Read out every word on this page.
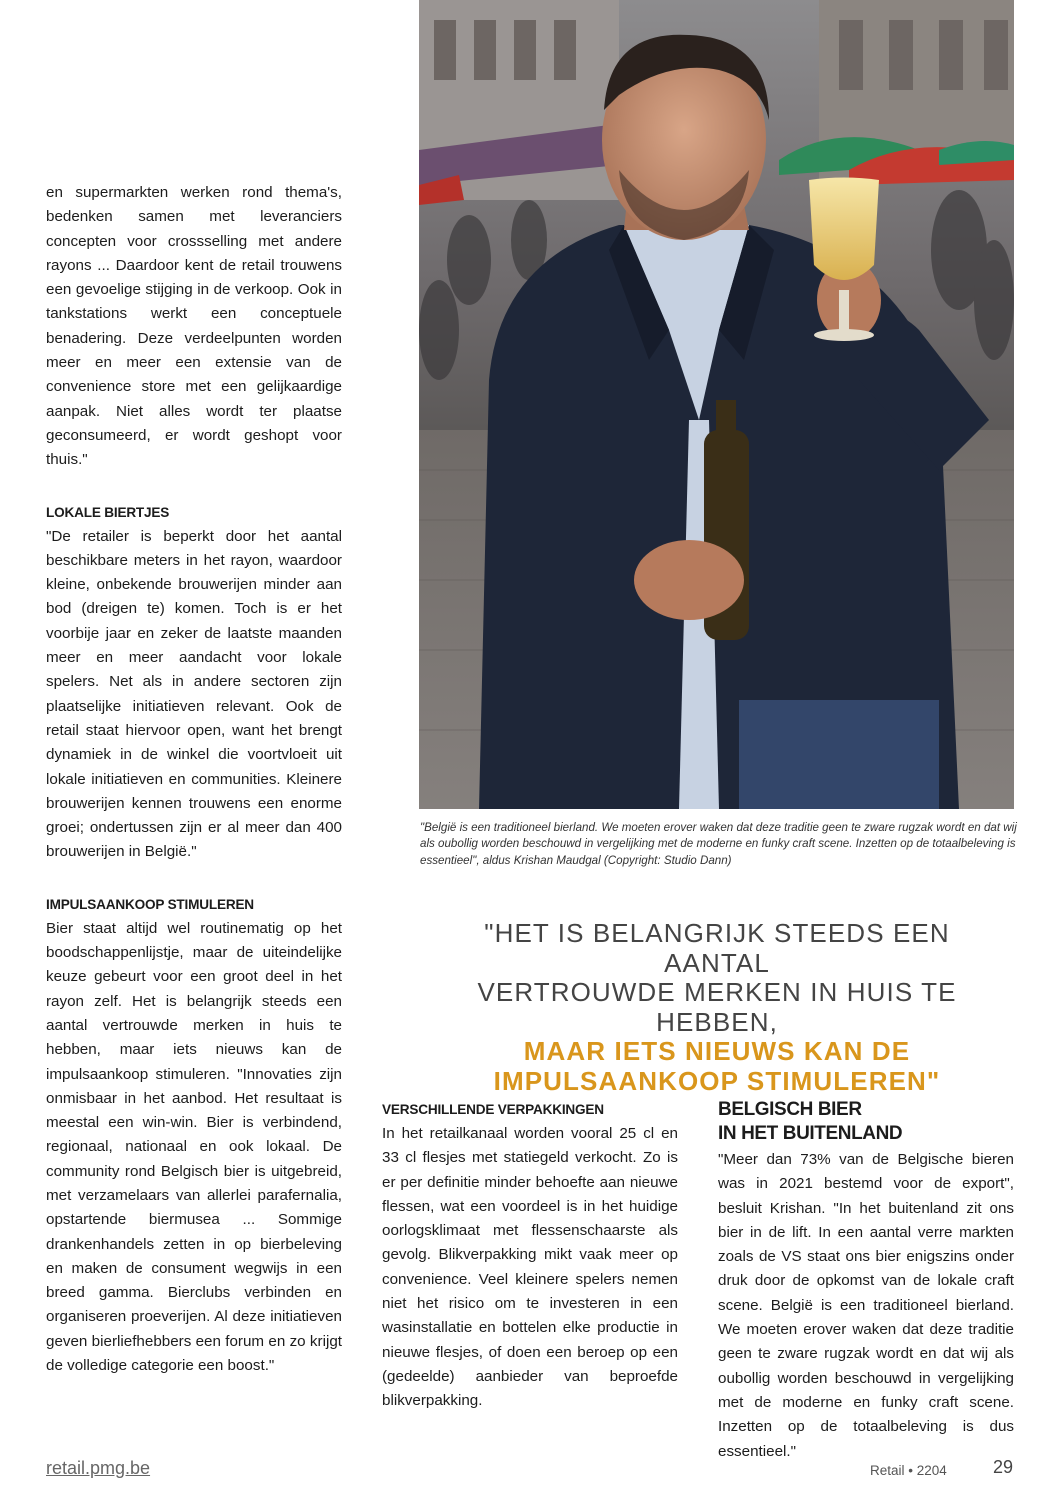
en supermarkten werken rond thema's, bedenken samen met leveranciers concepten voor crossselling met andere rayons ... Daardoor kent de retail trouwens een gevoelige stijging in de verkoop. Ook in tankstations werkt een conceptuele benadering. Deze verdeelpunten worden meer en meer een extensie van de convenience store met een gelijkaardige aanpak. Niet alles wordt ter plaatse geconsumeerd, er wordt geshopt voor thuis."

LOKALE BIERTJES

"De retailer is beperkt door het aantal beschikbare meters in het rayon, waardoor kleine, onbekende brouwerijen minder aan bod (dreigen te) komen. Toch is er het voorbije jaar en zeker de laatste maanden meer en meer aandacht voor lokale spelers. Net als in andere sectoren zijn plaatselijke initiatieven relevant. Ook de retail staat hiervoor open, want het brengt dynamiek in de winkel die voortvloeit uit lokale initiatieven en communities. Kleinere brouwerijen kennen trouwens een enorme groei; ondertussen zijn er al meer dan 400 brouwerijen in België."

IMPULSAANKOOP STIMULEREN

Bier staat altijd wel routinematig op het boodschappenlijstje, maar de uiteindelijke keuze gebeurt voor een groot deel in het rayon zelf. Het is belangrijk steeds een aantal vertrouwde merken in huis te hebben, maar iets nieuws kan de impulsaankoop stimuleren. "Innovaties zijn onmisbaar in het aanbod. Het resultaat is meestal een win-win. Bier is verbindend, regionaal, nationaal en ook lokaal. De community rond Belgisch bier is uitgebreid, met verzamelaars van allerlei parafernalia, opstartende biermusea ... Sommige drankenhandels zetten in op bierbeleving en maken de consument wegwijs in een breed gamma. Bierclubs verbinden en organiseren proeverijen. Al deze initiatieven geven bierliefhebbers een forum en zo krijgt de volledige categorie een boost."

"België is een traditioneel bierland. We moeten erover waken dat deze traditie geen te zware rugzak wordt en dat wij als oubollig worden beschouwd in vergelijking met de moderne en funky craft scene. Inzetten op de totaalbeleving is essentieel", aldus Krishan Maudgal (Copyright: Studio Dann)
"HET IS BELANGRIJK STEEDS EEN AANTAL
VERTROUWDE MERKEN IN HUIS TE HEBBEN,
MAAR IETS NIEUWS KAN DE
IMPULSAANKOOP STIMULEREN"
VERSCHILLENDE VERPAKKINGEN

In het retailkanaal worden vooral 25 cl en 33 cl flesjes met statiegeld verkocht. Zo is er per definitie minder behoefte aan nieuwe flessen, wat een voordeel is in het huidige oorlogsklimaat met flessenschaarste als gevolg. Blikverpakking mikt vaak meer op convenience. Veel kleinere spelers nemen niet het risico om te investeren in een wasinstallatie en bottelen elke productie in nieuwe flesjes, of doen een beroep op een (gedeelde) aanbieder van beproefde blikverpakking.

BELGISCH BIER
IN HET BUITENLAND

"Meer dan 73% van de Belgische bieren was in 2021 bestemd voor de export", besluit Krishan. "In het buitenland zit ons bier in de lift. In een aantal verre markten zoals de VS staat ons bier enigszins onder druk door de opkomst van de lokale craft scene. België is een traditioneel bierland. We moeten erover waken dat deze traditie geen te zware rugzak wordt en dat wij als oubollig worden beschouwd in vergelijking met de moderne en funky craft scene. Inzetten op de totaalbeleving is dus essentieel."

retail.pmg.be	Retail • 2204	29
